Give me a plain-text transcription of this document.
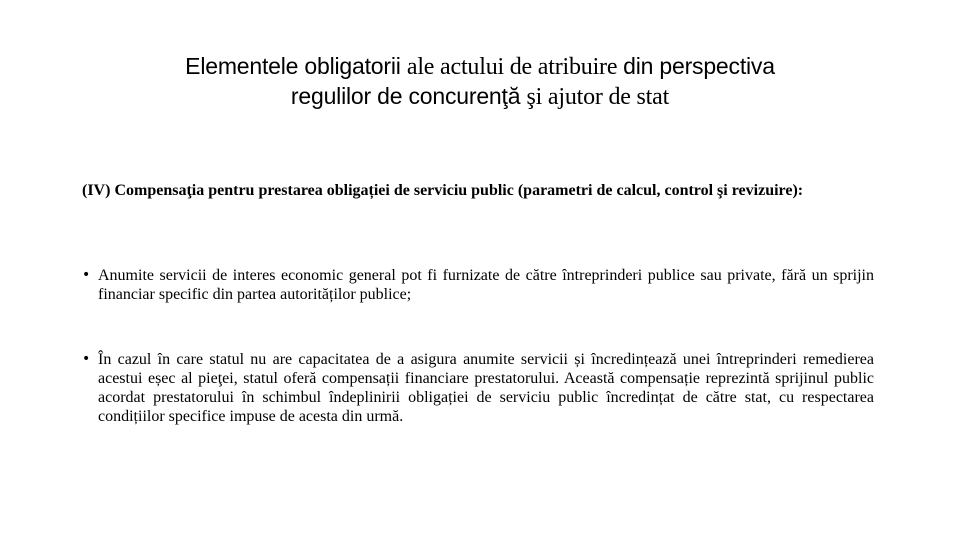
Elementele obligatorii ale actului de atribuire din perspectiva
regulilor de concurenţă şi ajutor de stat
(IV) Compensaţia pentru prestarea obligației de serviciu public (parametri de calcul, control şi revizuire):
• Anumite servicii de interes economic general pot fi furnizate de către întreprinderi publice sau private, fără un sprijin financiar specific din partea autorităților publice;
• În cazul în care statul nu are capacitatea de a asigura anumite servicii și încredințează unei întreprinderi remedierea acestui eșec al pieţei, statul oferă compensații financiare prestatorului. Această compensație reprezintă sprijinul public acordat prestatorului în schimbul îndeplinirii obligației de serviciu public încredințat de către stat, cu respectarea condițiilor specifice impuse de acesta din urmă.
